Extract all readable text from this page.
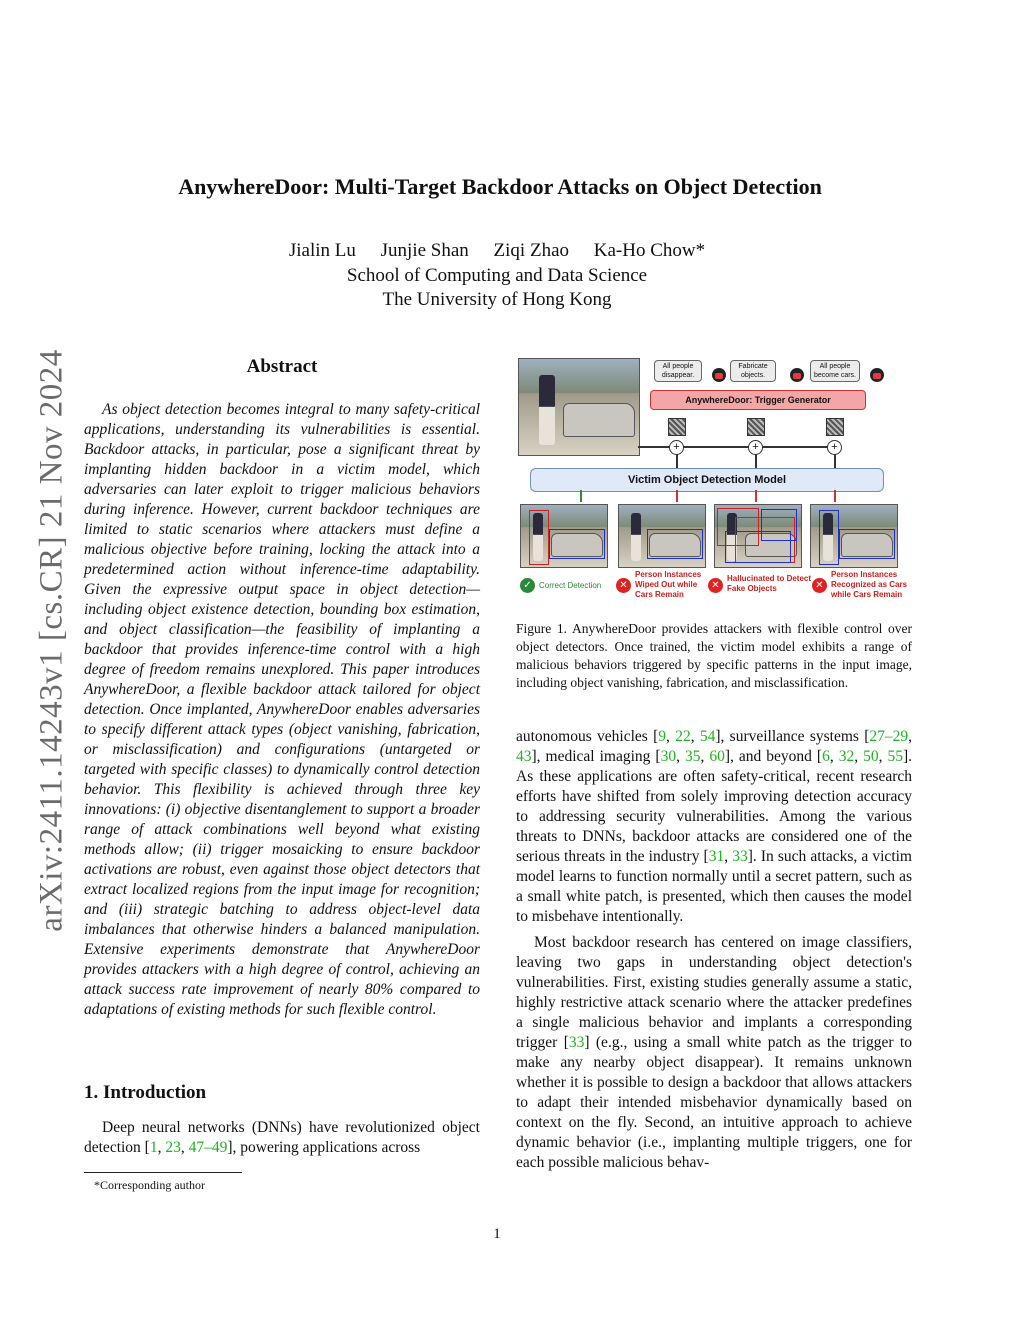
AnywhereDoor: Multi-Target Backdoor Attacks on Object Detection
Jialin Lu Junjie Shan Ziqi Zhao Ka-Ho Chow*
School of Computing and Data Science
The University of Hong Kong
arXiv:2411.14243v1 [cs.CR] 21 Nov 2024	Abstract

As object detection becomes integral to many safety-critical applications, understanding its vulnerabilities is essential. Backdoor attacks, in particular, pose a significant threat by implanting hidden backdoor in a victim model, which adversaries can later exploit to trigger malicious behaviors during inference. However, current backdoor techniques are limited to static scenarios where attackers must define a malicious objective before training, locking the attack into a predetermined action without inference-time adaptability. Given the expressive output space in object detection—including object existence detection, bounding box estimation, and object classification—the feasibility of implanting a backdoor that provides inference-time control with a high degree of freedom remains unexplored. This paper introduces AnywhereDoor, a flexible backdoor attack tailored for object detection. Once implanted, AnywhereDoor enables adversaries to specify different attack types (object vanishing, fabrication, or misclassification) and configurations (untargeted or targeted with specific classes) to dynamically control detection behavior. This flexibility is achieved through three key innovations: (i) objective disentanglement to support a broader range of attack combinations well beyond what existing methods allow; (ii) trigger mosaicking to ensure backdoor activations are robust, even against those object detectors that extract localized regions from the input image for recognition; and (iii) strategic batching to address object-level data imbalances that otherwise hinders a balanced manipulation. Extensive experiments demonstrate that AnywhereDoor provides attackers with a high degree of control, achieving an attack success rate improvement of nearly 80% compared to adaptations of existing methods for such flexible control.

1. Introduction

Deep neural networks (DNNs) have revolutionized object detection [1, 23, 47–49], powering applications across

*Corresponding author
All people disappear.
Fabricate objects.
All people become cars.
AnywhereDoor: Trigger Generator
+	+	+
Victim Object Detection Model
✓ Correct Detection	✕
Person Instances Wiped Out while Cars Remain
✕
Hallucinated to Detect Fake Objects	✕
Person Instances Recognized as Cars while Cars Remain
Figure 1. AnywhereDoor provides attackers with flexible control over object detectors. Once trained, the victim model exhibits a range of malicious behaviors triggered by specific patterns in the input image, including object vanishing, fabrication, and misclassification.

autonomous vehicles [9, 22, 54], surveillance systems [27–29, 43], medical imaging [30, 35, 60], and beyond [6, 32, 50, 55]. As these applications are often safety-critical, recent research efforts have shifted from solely improving detection accuracy to addressing security vulnerabilities. Among the various threats to DNNs, backdoor attacks are considered one of the serious threats in the industry [31, 33]. In such attacks, a victim model learns to function normally until a secret pattern, such as a small white patch, is presented, which then causes the model to misbehave intentionally.

Most backdoor research has centered on image classifiers, leaving two gaps in understanding object detection's vulnerabilities. First, existing studies generally assume a static, highly restrictive attack scenario where the attacker predefines a single malicious behavior and implants a corresponding trigger [33] (e.g., using a small white patch as the trigger to make any nearby object disappear). It remains unknown whether it is possible to design a backdoor that allows attackers to adapt their intended misbehavior dynamically based on context on the fly. Second, an intuitive approach to achieve dynamic behavior (i.e., implanting multiple triggers, one for each possible malicious behav-

1
